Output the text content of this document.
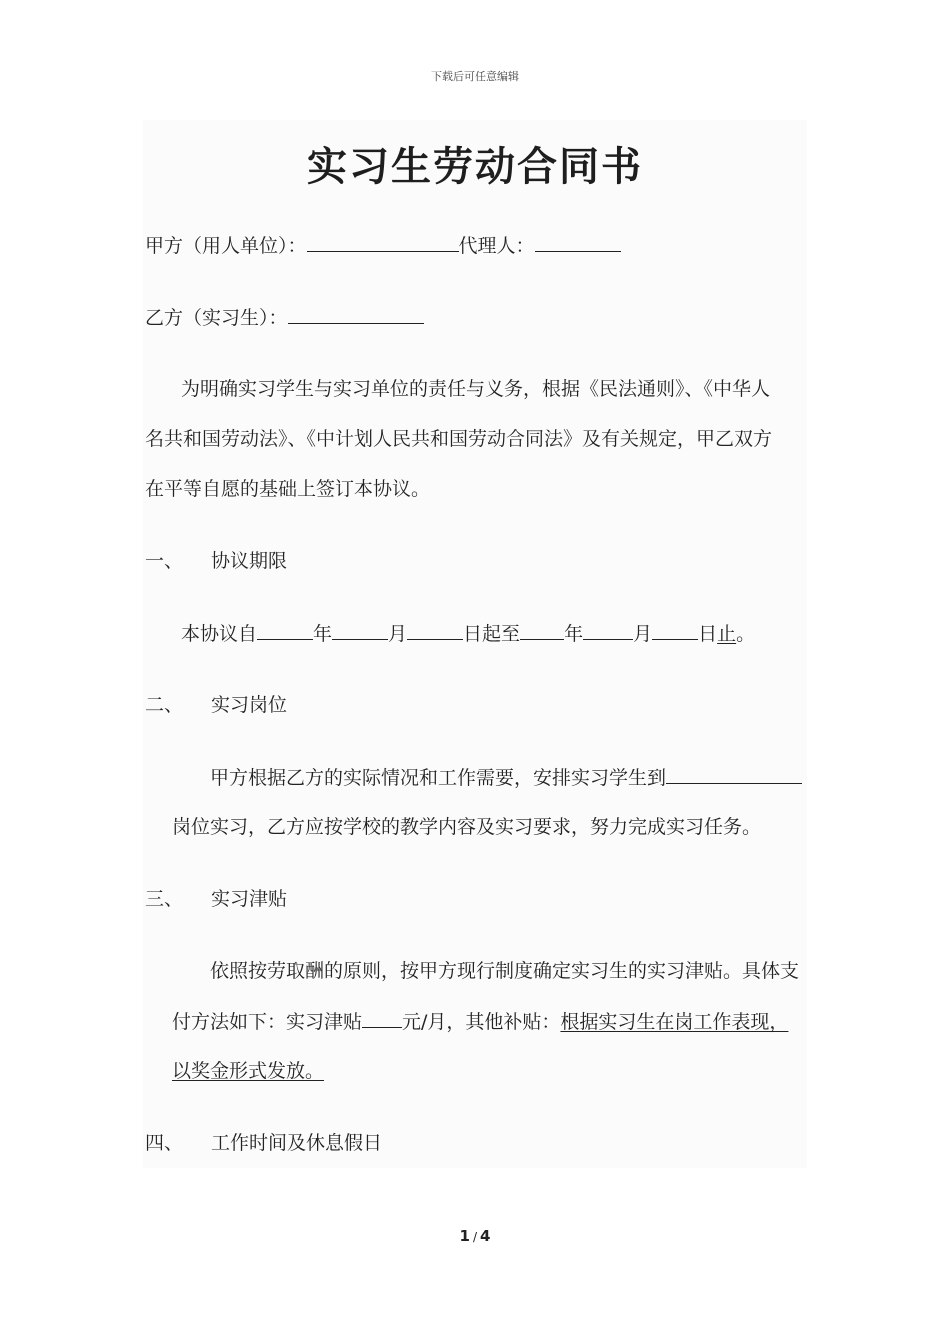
下载后可任意编辑
实习生劳动合同书
甲方（用人单位）：	代理人：
乙方（实习生）：
为明确实习学生与实习单位的责任与义务，根据《民法通则》、《中华人
名共和国劳动法》、《中计划人民共和国劳动合同法》及有关规定，甲乙双方
在平等自愿的基础上签订本协议。
一、 协议期限
本协议自	年	月	日起至 年	月 日止。
二、 实习岗位
甲方根据乙方的实际情况和工作需要，安排实习学生到
岗位实习，乙方应按学校的教学内容及实习要求，努力完成实习任务。
三、 实习津贴
依照按劳取酬的原则，按甲方现行制度确定实习生的实习津贴。具体支
付方法如下：实习津贴 元/月，其他补贴：根据实习生在岗工作表现，
以奖金形式发放。
四、 工作时间及休息假日
1 / 4
